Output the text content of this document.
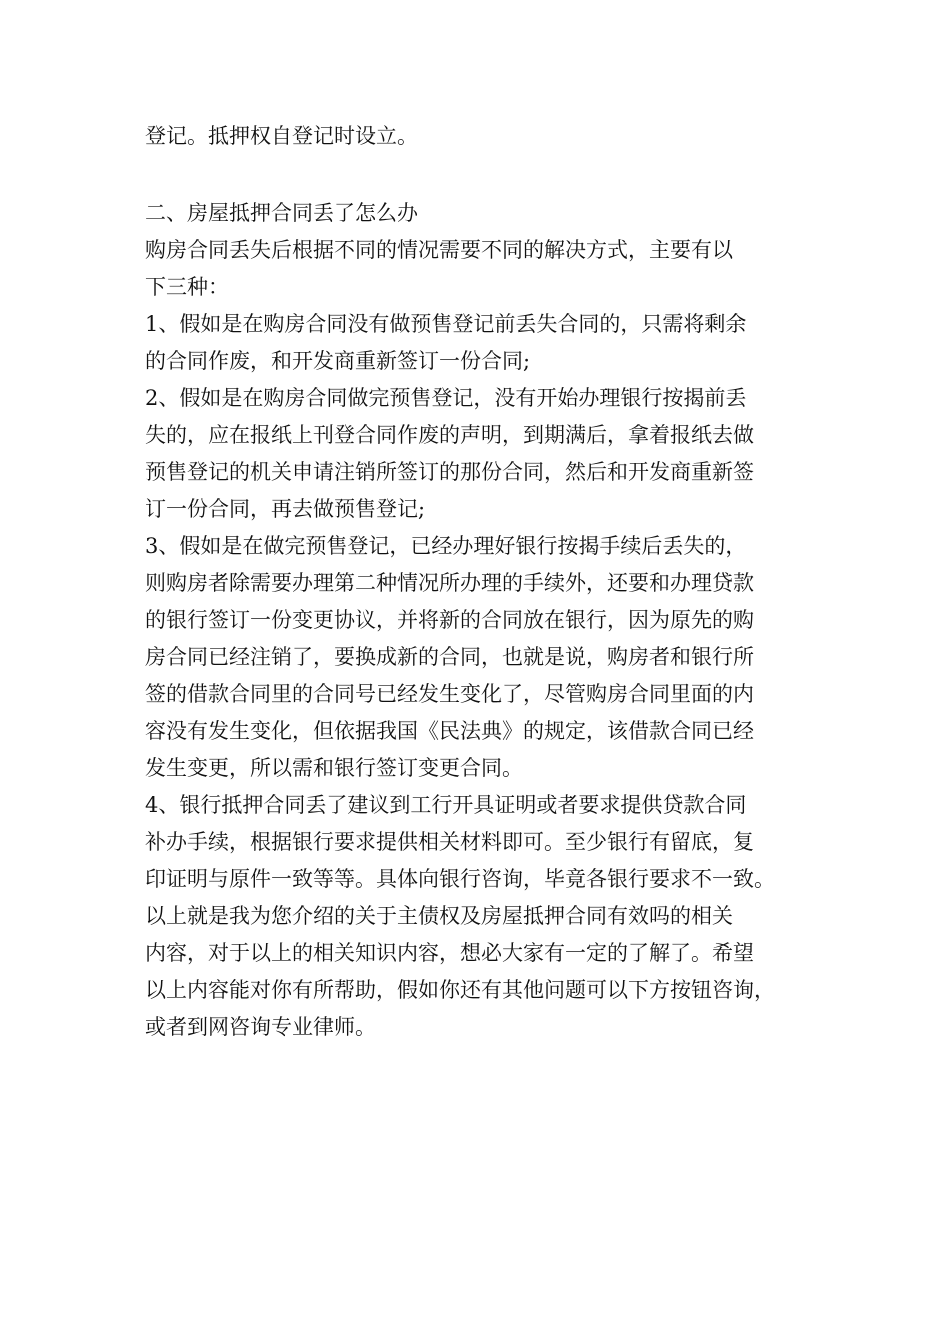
登记。抵押权自登记时设立。
二、房屋抵押合同丢了怎么办
购房合同丢失后根据不同的情况需要不同的解决方式，主要有以
下三种：
1、假如是在购房合同没有做预售登记前丢失合同的，只需将剩余
的合同作废，和开发商重新签订一份合同;
2、假如是在购房合同做完预售登记，没有开始办理银行按揭前丢
失的，应在报纸上刊登合同作废的声明，到期满后，拿着报纸去做
预售登记的机关申请注销所签订的那份合同，然后和开发商重新签
订一份合同，再去做预售登记;
3、假如是在做完预售登记，已经办理好银行按揭手续后丢失的，
则购房者除需要办理第二种情况所办理的手续外，还要和办理贷款
的银行签订一份变更协议，并将新的合同放在银行，因为原先的购
房合同已经注销了，要换成新的合同，也就是说，购房者和银行所
签的借款合同里的合同号已经发生变化了，尽管购房合同里面的内
容没有发生变化，但依据我国《民法典》的规定，该借款合同已经
发生变更，所以需和银行签订变更合同。
4、银行抵押合同丢了建议到工行开具证明或者要求提供贷款合同
补办手续，根据银行要求提供相关材料即可。至少银行有留底，复
印证明与原件一致等等。具体向银行咨询，毕竟各银行要求不一致。
以上就是我为您介绍的关于主债权及房屋抵押合同有效吗的相关
内容，对于以上的相关知识内容，想必大家有一定的了解了。希望
以上内容能对你有所帮助，假如你还有其他问题可以下方按钮咨询，
或者到网咨询专业律师。
